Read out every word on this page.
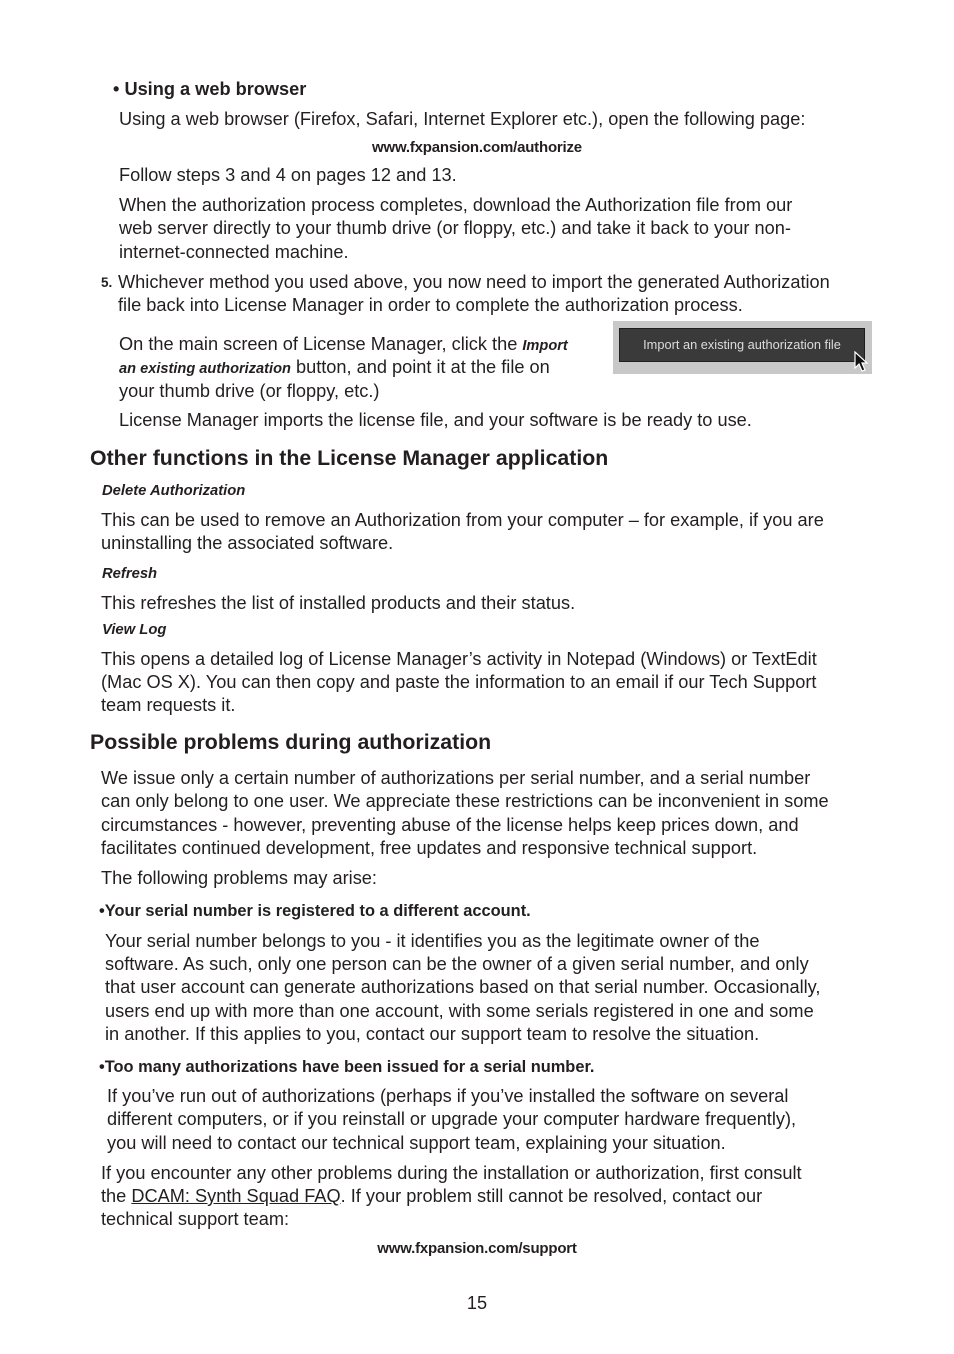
• Using a web browser

Using a web browser (Firefox, Safari, Internet Explorer etc.), open the following page:

www.fxpansion.com/authorize

Follow steps 3 and 4 on pages 12 and 13.

When the authorization process completes, download the Authorization file from our

web server directly to your thumb drive (or floppy, etc.) and take it back to your non-

internet-connected machine.

5. Whichever method you used above, you now need to import the generated Authorization

file back into License Manager in order to complete the authorization process.

On the main screen of License Manager, click the Import

an existing authorization button, and point it at the file on

your thumb drive (or floppy, etc.)

Import an existing authorization file

License Manager imports the license file, and your software is be ready to use.

Other functions in the License Manager application

Delete Authorization

This can be used to remove an Authorization from your computer – for example, if you are

uninstalling the associated software.

Refresh

This refreshes the list of installed products and their status.

View Log

This opens a detailed log of License Manager’s activity in Notepad (Windows) or TextEdit

(Mac OS X). You can then copy and paste the information to an email if our Tech Support

team requests it.

Possible problems during authorization

We issue only a certain number of authorizations per serial number, and a serial number

can only belong to one user. We appreciate these restrictions can be inconvenient in some

circumstances - however, preventing abuse of the license helps keep prices down, and

facilitates continued development, free updates and responsive technical support.

The following problems may arise:

•Your serial number is registered to a different account.

Your serial number belongs to you - it identifies you as the legitimate owner of the

software. As such, only one person can be the owner of a given serial number, and only

that user account can generate authorizations based on that serial number. Occasionally,

users end up with more than one account, with some serials registered in one and some

in another. If this applies to you, contact our support team to resolve the situation.

•Too many authorizations have been issued for a serial number.

If you’ve run out of authorizations (perhaps if you’ve installed the software on several

different computers, or if you reinstall or upgrade your computer hardware frequently),

you will need to contact our technical support team, explaining your situation.

If you encounter any other problems during the installation or authorization, first consult

the DCAM: Synth Squad FAQ. If your problem still cannot be resolved, contact our

technical support team:

www.fxpansion.com/support

15
